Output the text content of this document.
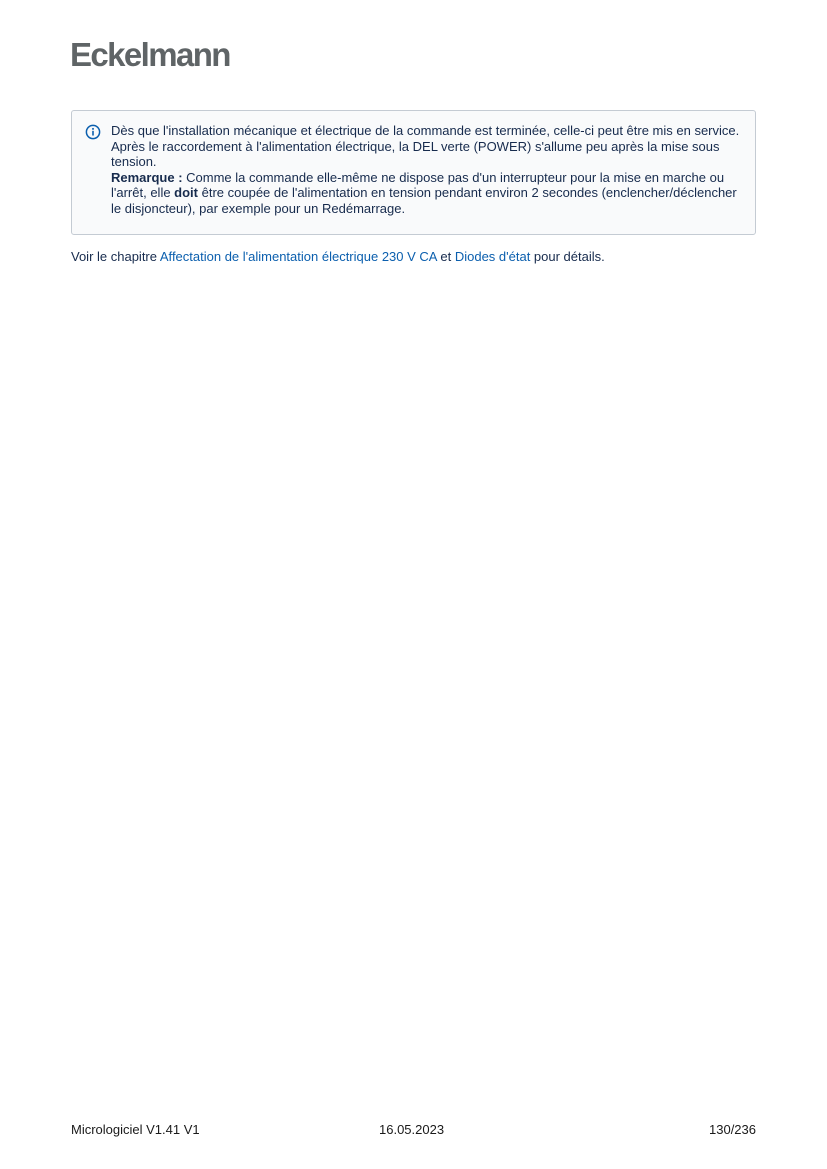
Eckelmann

Dès que l'installation mécanique et électrique de la commande est terminée, celle-ci peut être mis en service. Après le raccordement à l'alimentation électrique, la DEL verte (POWER) s'allume peu après la mise sous tension.

Remarque : Comme la commande elle-même ne dispose pas d'un interrupteur pour la mise en marche ou l'arrêt, elle doit être coupée de l'alimentation en tension pendant environ 2 secondes (enclencher/déclencher le disjoncteur), par exemple pour un Redémarrage.

Voir le chapitre Affectation de l'alimentation électrique 230 V CA et Diodes d'état pour détails.
Micrologiciel V1.41 V1	16.05.2023	130/236
